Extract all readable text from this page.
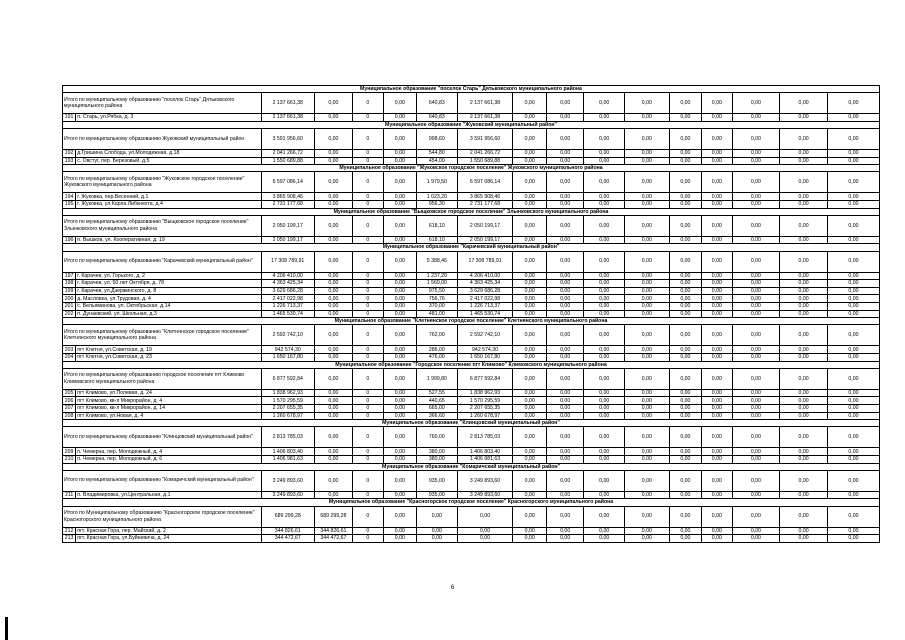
Муниципальное образование "поселок Старь" Дятьковского муниципального района																
Итого по муниципальному образованию "поселок Старь" Дятьковского муниципального района		2 137 661,38	0,00	0	0,00	640,83	2 137 661,38	0,00	0,00	0,00	0,00	0,00	0,00	0,00	0,00	0,00
191	п. Старь, ул.Рябка, д. 3	2 137 661,38	0,00	0	0,00	640,83	2 137 661,38	0,00	0,00	0,00	0,00	0,00	0,00	0,00	0,00	0,00
Муниципальное образование "Жуковский муниципальный район"																
Итого по муниципальному образованию Жуковский муниципальный район		3 591 956,60	0,00	0	0,00	998,60	3 591 956,60	0,00	0,00	0,00	0,00	0,00	0,00	0,00	0,00	0,00
192	д.Гришина Слобода, ул.Молодежная, д.18	2 041 266,72	0,00	0	0,00	544,80	2 041 266,72	0,00	0,00	0,00	0,00	0,00	0,00	0,00	0,00	0,00
193	с. Овстуг, пер. Березовый, д.5	1 550 689,88	0,00	0	0,00	454,00	1 550 689,88	0,00	0,00	0,00	0,00	0,00	0,00	0,00	0,00	0,00
Муниципальное образование "Жуковское городское поселение" Жуковского муниципального района																
Итого по муниципальному образованию "Жуковское городское поселение" Жуковского муниципального района		6 597 086,14	0,00	0	0,00	1 979,50	6 597 086,14	0,00	0,00	0,00	0,00	0,00	0,00	0,00	0,00	0,00
194	г. Жуковка, пер.Весенний, д.1	3 865 908,46	0,00	0	0,00	1 023,20	3 865 908,46	0,00	0,00	0,00	0,00	0,00	0,00	0,00	0,00	0,00
195	г. Жуковка, ул.Карла Либкнехта, д.4	2 731 177,68	0,00	0	0,00	956,30	2 731 177,68	0,00	0,00	0,00	0,00	0,00	0,00	0,00	0,00	0,00
Муниципальное образование "Выщковское городское поселение" Злынковского муниципального района																
Итого по муниципальному образованию "Выщковское городское поселение" Злынковского муниципального района		2 050 199,17	0,00	0	0,00	618,10	2 050 199,17	0,00	0,00	0,00	0,00	0,00	0,00	0,00	0,00	0,00
196	п. Вышков, ул. Кооперативная, д. 19	2 050 199,17	0,00	0	0,00	618,10	2 050 199,17	0,00	0,00	0,00	0,00	0,00	0,00	0,00	0,00	0,00
Муниципальное образование "Карачевский муниципальный район"																
Итого по муниципальному образованию "Карачевский муниципальный район"		17 308 789,91	0,00	0	0,00	5 388,46	17 308 789,91	0,00	0,00	0,00	0,00	0,00	0,00	0,00	0,00	0,00
197	г. Карачев, ул. Горького, д. 2	4 206 410,00	0,00	0	0,00	1 237,20	4 206 410,00	0,00	0,00	0,00	0,00	0,00	0,00	0,00	0,00	0,00
198	г. Карачев, ул. 50 лет Октября, д. 78	4 363 425,34	0,00	0	0,00	1 569,00	4 363 425,34	0,00	0,00	0,00	0,00	0,00	0,00	0,00	0,00	0,00
199	г. Карачев, ул.Дзержинского, д. 8	3 629 686,28	0,00	0	0,00	975,50	3 629 686,28	0,00	0,00	0,00	0,00	0,00	0,00	0,00	0,00	0,00
200	д. Масловка, ул.Трудовая, д. 4	2 417 022,98	0,00	0	0,00	756,76	2 417 022,98	0,00	0,00	0,00	0,00	0,00	0,00	0,00	0,00	0,00
201	с. Вельяминова, ул. Октябрьская, д.14	1 226 713,37	0,00	0	0,00	370,00	1 226 713,37	0,00	0,00	0,00	0,00	0,00	0,00	0,00	0,00	0,00
202	п. Дунаевский, ул. Школьная, д.3	1 465 530,74	0,00	0	0,00	481,00	1 465 530,74	0,00	0,00	0,00	0,00	0,00	0,00	0,00	0,00	0,00
Муниципальное образование "Клетнянское городское поселение" Клетнянского муниципального района																
Итого по муниципальному образованию "Клетнянское городское поселение" Клетнянского муниципального района		2 592 742,10	0,00	0	0,00	762,00	2 592 742,10	0,00	0,00	0,00	0,00	0,00	0,00	0,00	0,00	0,00
203	пгт Клетня, ул.Советская, д. 19	942 574,30	0,00	0	0,00	286,00	942 574,30	0,00	0,00	0,00	0,00	0,00	0,00	0,00	0,00	0,00
204	пгт Клетня, ул.Советская, д. 23	1 650 167,80	0,00	0	0,00	476,00	1 650 167,80	0,00	0,00	0,00	0,00	0,00	0,00	0,00	0,00	0,00
Муниципальное образование "Городское поселение пгт Климово" Климовского муниципального района																
Итого по муниципальному образованию городское поселение пгт Климово Климовского муниципального района		6 877 592,84	0,00	0	0,00	1 999,80	6 877 592,84	0,00	0,00	0,00	0,00	0,00	0,00	0,00	0,00	0,00
205	пгт Климово, ул.Полевая, д. 24	1 838 962,93	0,00	0	0,00	527,55	1 838 962,93	0,00	0,00	0,00	0,00	0,00	0,00	0,00	0,00	0,00
206	пгт Климово, кв-л Микрорайон, д. 4	1 570 295,59	0,00	0	0,00	440,65	1 570 295,59	0,00	0,00	0,00	0,00	0,00	0,00	0,00	0,00	0,00
207	пгт Климово, кв-л Микрорайон, д. 14	2 207 655,35	0,00	0	0,00	665,00	2 207 655,35	0,00	0,00	0,00	0,00	0,00	0,00	0,00	0,00	0,00
208	пгт Климово, ул.Новая, д. 4	1 260 678,97	0,00	0	0,00	366,60	1 260 678,97	0,00	0,00	0,00	0,00	0,00	0,00	0,00	0,00	0,00
Муниципальное образование "Клинцовский муниципальный район"																
Итого по муниципальному образованию "Клинцовский муниципальный район"		2 813 785,03	0,00	0	0,00	760,00	2 813 785,03	0,00	0,00	0,00	0,00	0,00	0,00	0,00	0,00	0,00
209	п. Чемерна, пер. Молодежный, д. 4	1 406 803,40	0,00	0	0,00	380,00	1 406 803,40	0,00	0,00	0,00	0,00	0,00	0,00	0,00	0,00	0,00
210	п. Чемерна, пер. Молодежный, д. 6	1 406 981,63	0,00	0	0,00	380,00	1 406 981,63	0,00	0,00	0,00	0,00	0,00	0,00	0,00	0,00	0,00
Муниципальное образование "Комаричский муниципальный район"																
Итого по муниципальному образованию "Комаричский муниципальный район"		3 249 893,60	0,00	0	0,00	935,00	3 249 893,60	0,00	0,00	0,00	0,00	0,00	0,00	0,00	0,00	0,00
211	п. Владимировка, ул.Центральная, д.1	3 249 893,60	0,00	0	0,00	935,00	3 249 893,60	0,00	0,00	0,00	0,00	0,00	0,00	0,00	0,00	0,00
Муниципальное образование "Красногорское городское поселение" Красногорского муниципального района																
Итого по Муниципальному образованию "Красногорское городское поселение" Красногорского муниципального района		689 299,28	689 299,28	0	0,00	0,00	0,00	0,00	0,00	0,00	0,00	0,00	0,00	0,00	0,00	0,00
212	пгт. Красная Гора, пер. Майский, д. 2	344 826,61	344 826,61	0	0,00	0,00	0,00	0,00	0,00	0,00	0,00	0,00	0,00	0,00	0,00	0,00
213	пгт. Красная Гора, ул.Буйневича, д. 24	344 472,67	344 472,67	0	0,00	0,00	0,00	0,00	0,00	0,00	0,00	0,00	0,00	0,00	0,00	0,00
6
